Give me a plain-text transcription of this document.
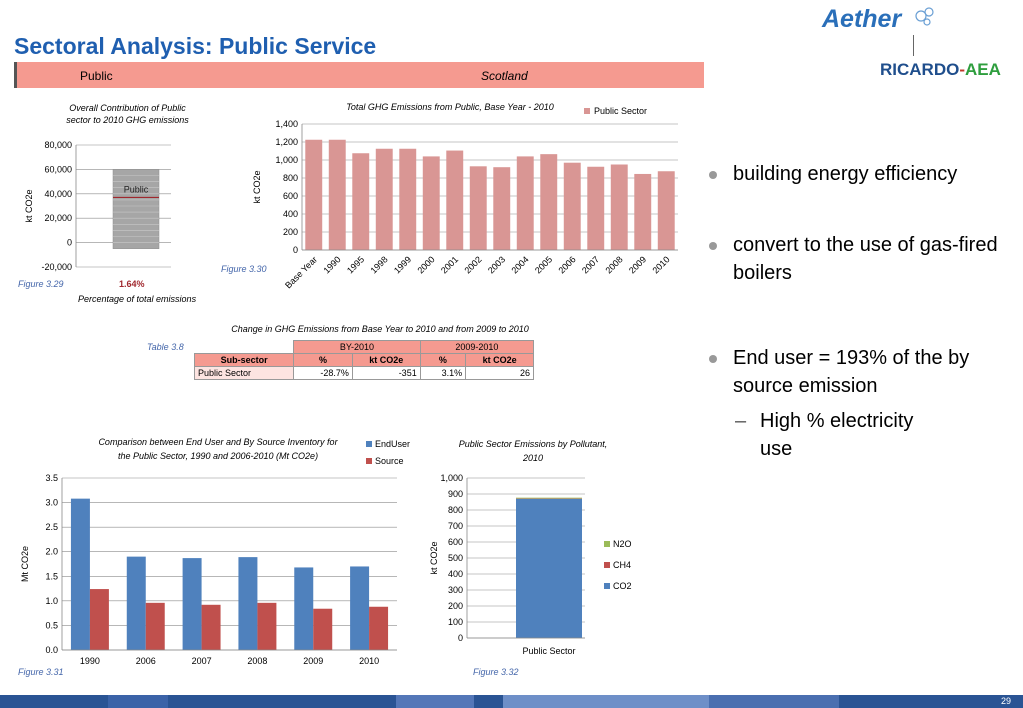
Sectoral Analysis: Public Service
Public	Scotland
Aether
RICARDO-AEA
Overall Contribution of Public
sector to 2010 GHG emissions
-20,000
0
20,000
40,000
60,000
80,000
kt CO2e
Public
Figure 3.29	1.64%
Percentage of total emissions
0
200
400
600
800
1,000
1,200
1,400
kt CO2e
Total GHG Emissions from Public, Base Year - 2010
Base Year 1990 1995 1998 1999 2000 2001 2002 2003 2004 2005 2006 2007 2008 2009 2010
Public Sector
Figure 3.30
Change in GHG Emissions from Base Year to 2010 and from 2009 to 2010
Table 3.8
		BY-2010		2009-2010	
Sub-sector	%	kt CO2e	%	kt CO2e
Public Sector	-28.7%	-351	3.1%	26
0.0
0.5
1.0
1.5
2.0
2.5
3.0
3.5
Mt CO2e
Comparison between End User and By Source Inventory for
the Public Sector, 1990 and 2006-2010 (Mt CO2e)
1990	2006	2007	2008	2009	2010
EndUser
Source
Figure 3.31
0
100
200
300
400
500
600
700
800
900
1,000
kt CO2e
Public Sector Emissions by Pollutant,
2010
Public Sector
N2O
CH4
CO2
Figure 3.32
building energy efficiency
convert to the use of gas-fired boilers
End user = 193% of the by source emission
– High % electricity use
29
